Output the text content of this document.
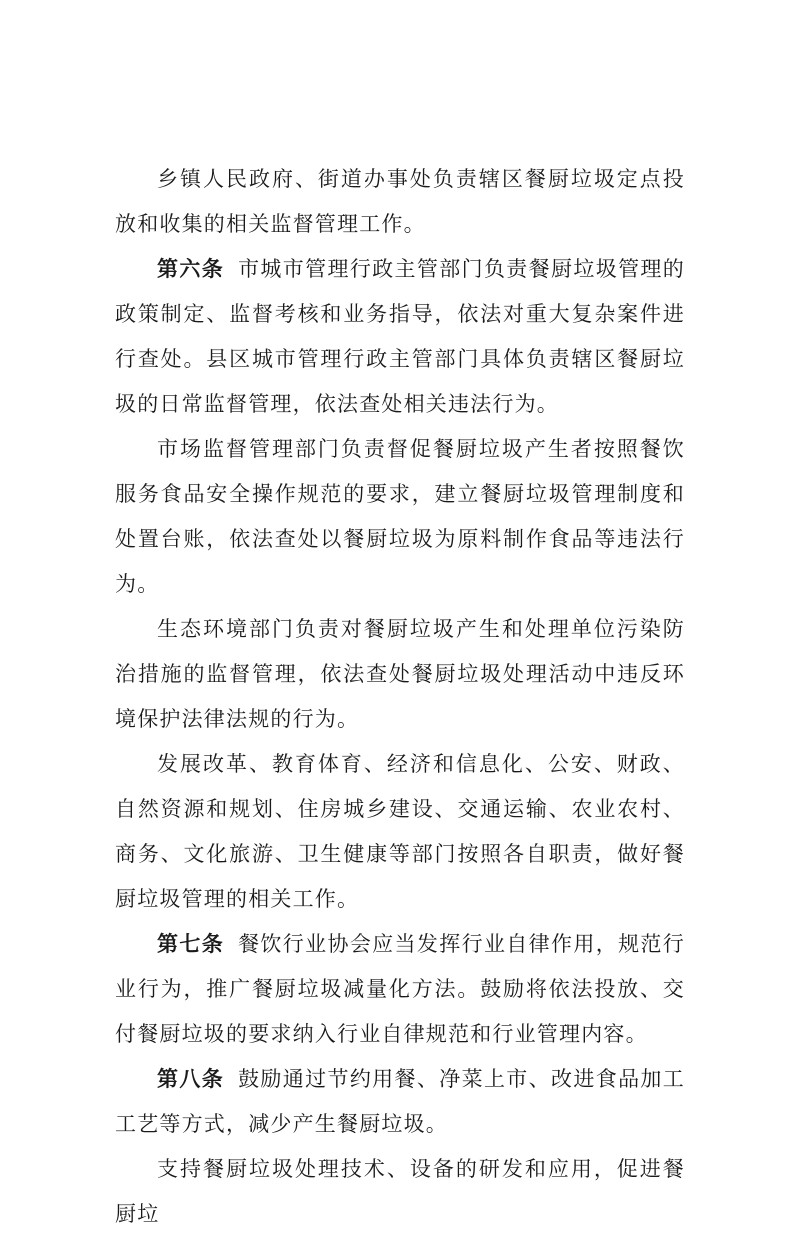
乡镇人民政府、街道办事处负责辖区餐厨垃圾定点投放和收集的相关监督管理工作。

第六条 市城市管理行政主管部门负责餐厨垃圾管理的政策制定、监督考核和业务指导，依法对重大复杂案件进行查处。县区城市管理行政主管部门具体负责辖区餐厨垃圾的日常监督管理，依法查处相关违法行为。

市场监督管理部门负责督促餐厨垃圾产生者按照餐饮服务食品安全操作规范的要求，建立餐厨垃圾管理制度和处置台账，依法查处以餐厨垃圾为原料制作食品等违法行为。

生态环境部门负责对餐厨垃圾产生和处理单位污染防治措施的监督管理，依法查处餐厨垃圾处理活动中违反环境保护法律法规的行为。

发展改革、教育体育、经济和信息化、公安、财政、自然资源和规划、住房城乡建设、交通运输、农业农村、商务、文化旅游、卫生健康等部门按照各自职责，做好餐厨垃圾管理的相关工作。

第七条 餐饮行业协会应当发挥行业自律作用，规范行业行为，推广餐厨垃圾减量化方法。鼓励将依法投放、交付餐厨垃圾的要求纳入行业自律规范和行业管理内容。

第八条 鼓励通过节约用餐、净菜上市、改进食品加工工艺等方式，减少产生餐厨垃圾。

支持餐厨垃圾处理技术、设备的研发和应用，促进餐厨垃
